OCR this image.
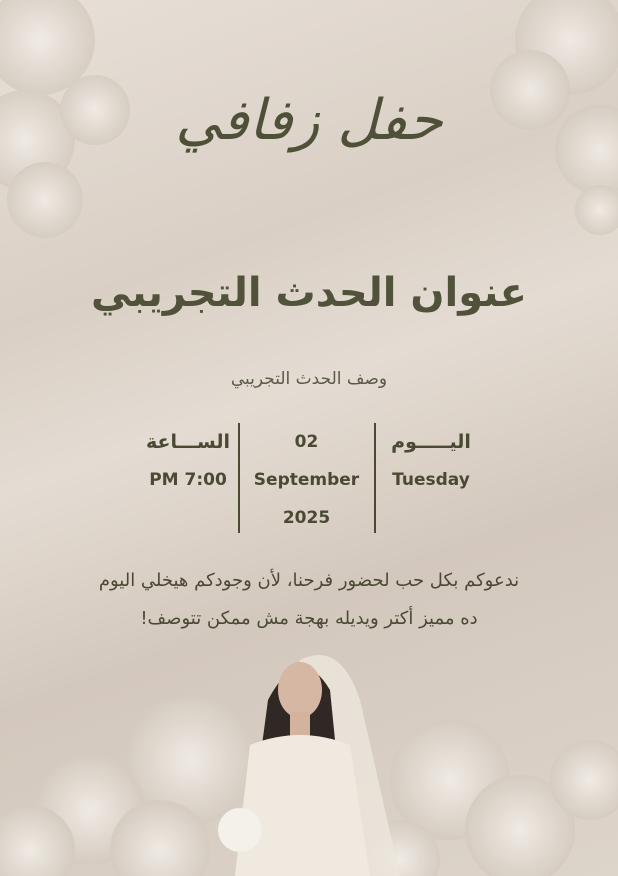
حفل زفافي
عنوان الحدث التجريبي
وصف الحدث التجريبي
اليـــــوم
Tuesday
02
September
2025
الســـاعة
PM 7:00
ندعوكم بكل حب لحضور فرحنا، لأن وجودكم هيخلي اليوم
ده مميز أكتر ويديله بهجة مش ممكن تتوصف!
